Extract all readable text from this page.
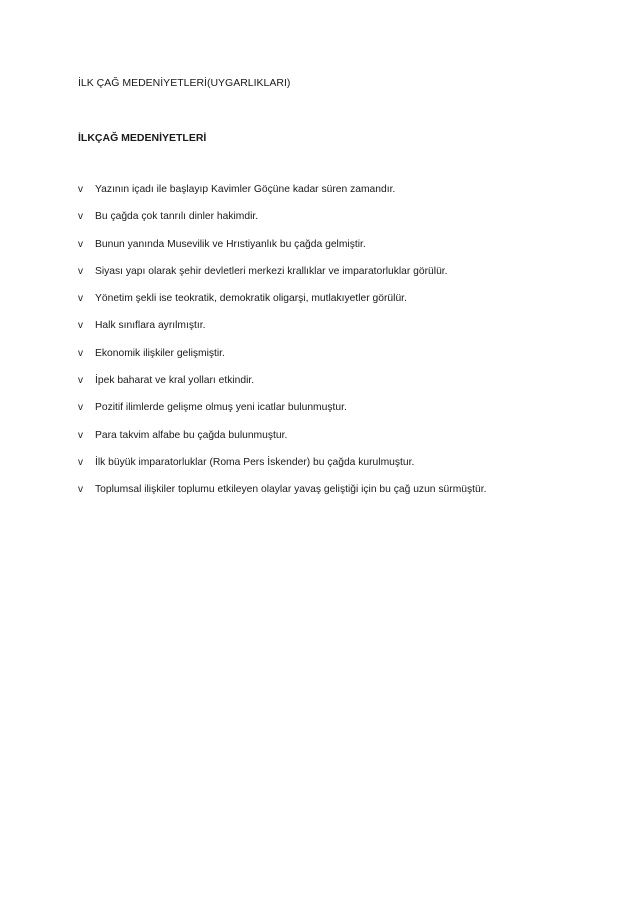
İLK ÇAĞ MEDENİYETLERİ(UYGARLIKLARI)
İLKÇAĞ MEDENİYETLERİ
v	Yazının içadı ile başlayıp Kavimler Göçüne kadar süren zamandır.
v	Bu çağda çok tanrılı dinler hakimdir.
v	Bunun yanında Musevilik ve Hrıstiyanlık bu çağda gelmiştir.
v	Siyası yapı olarak şehir devletleri merkezi krallıklar ve imparatorluklar görülür.
v	Yönetim şekli ise teokratik, demokratik oligarşi, mutlakıyetler görülür.
v	Halk sınıflara ayrılmıştır.
v	Ekonomik ilişkiler gelişmiştir.
v	İpek baharat ve kral yolları etkindir.
v	Pozitif ilimlerde gelişme olmuş yeni icatlar bulunmuştur.
v	Para takvim alfabe bu çağda bulunmuştur.
v	İlk büyük imparatorluklar (Roma Pers İskender) bu çağda kurulmuştur.
v	Toplumsal ilişkiler toplumu etkileyen olaylar yavaş geliştiği için bu çağ uzun sürmüştür.
